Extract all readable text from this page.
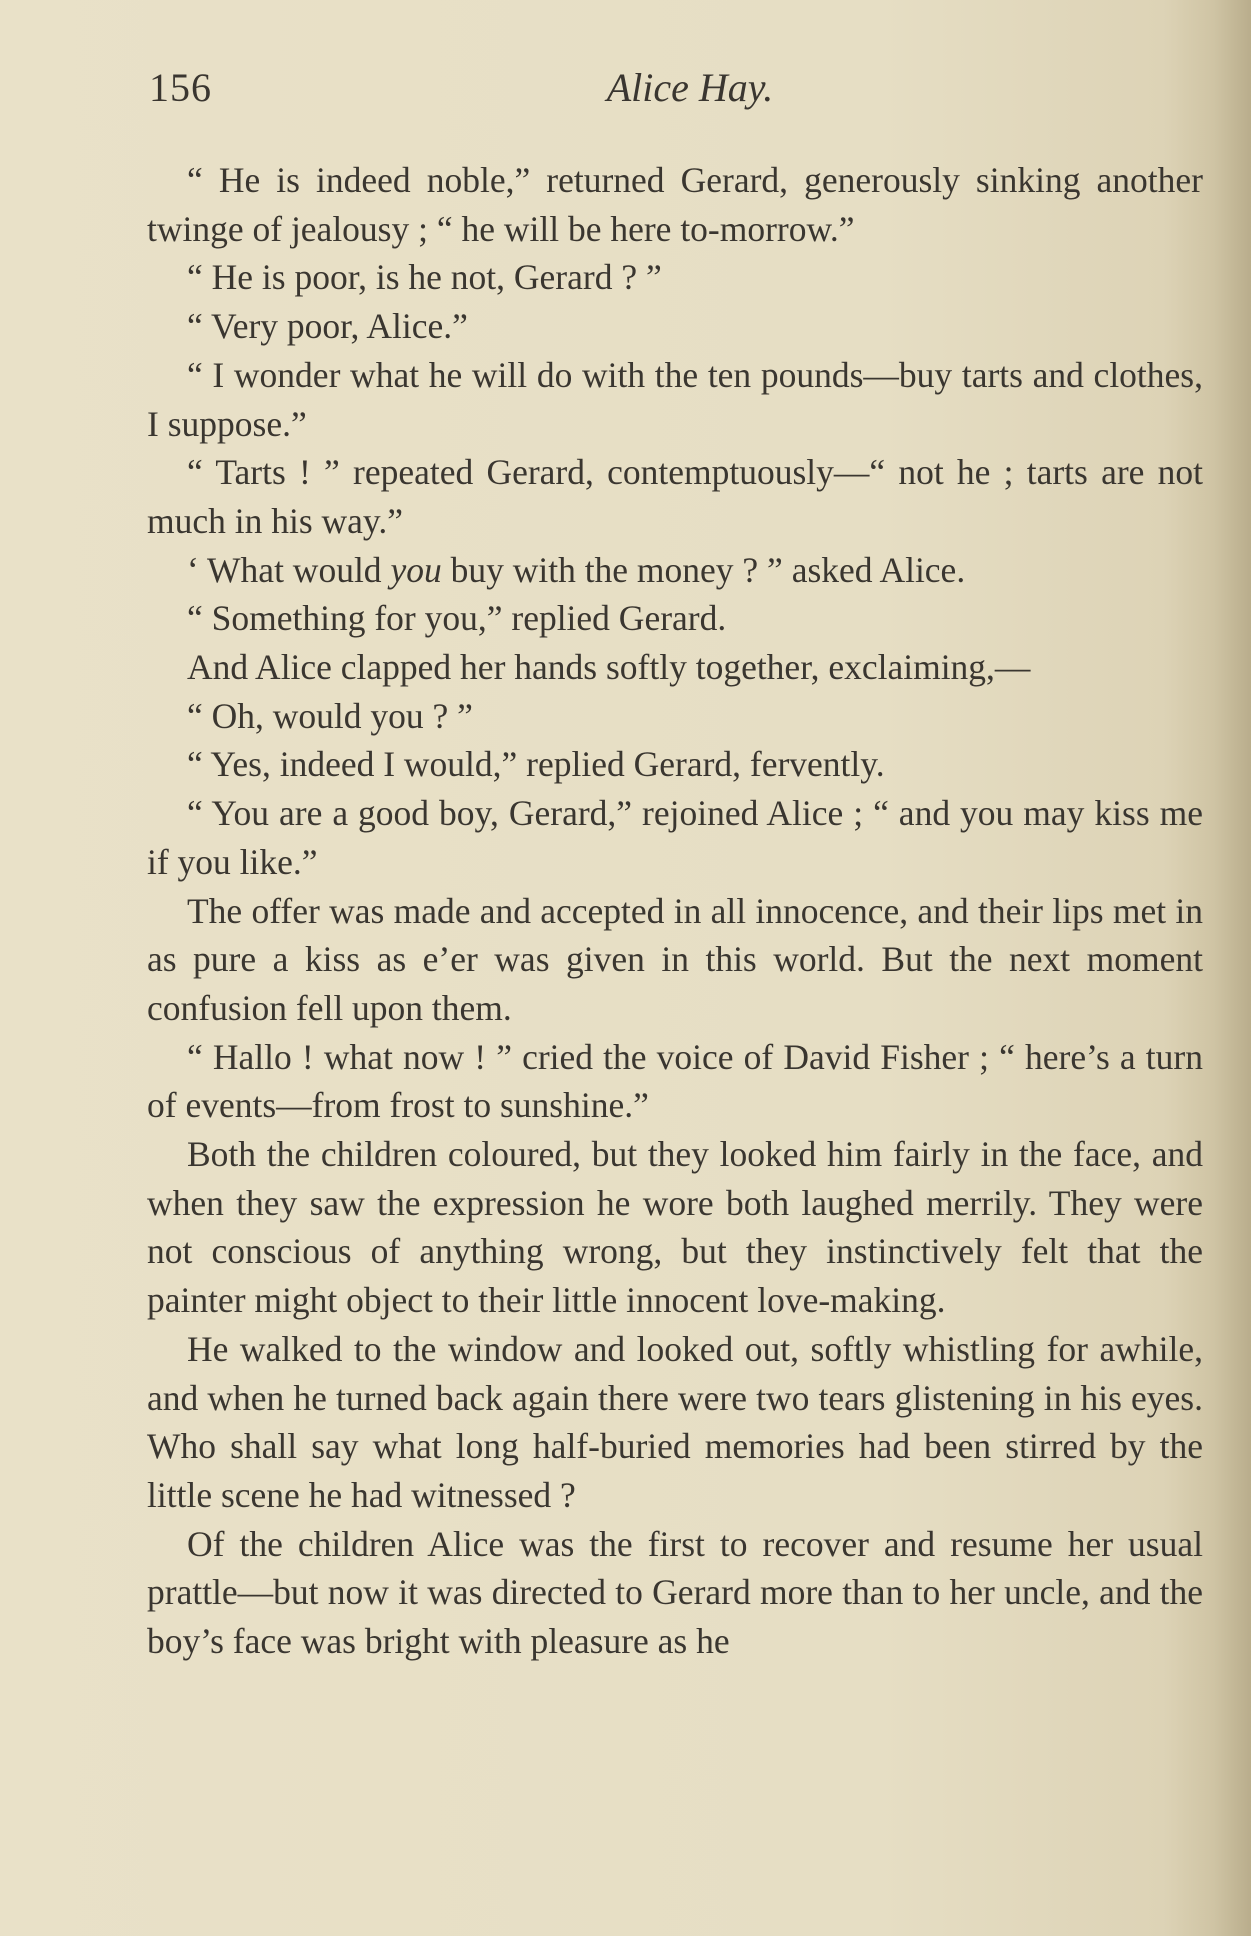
156	Alice Hay.

“ He is indeed noble,” returned Gerard, generously sinking another twinge of jealousy ; “ he will be here to-morrow.”

“ He is poor, is he not, Gerard ? ”

“ Very poor, Alice.”

“ I wonder what he will do with the ten pounds—buy tarts and clothes, I suppose.”

“ Tarts ! ” repeated Gerard, contemptuously—“ not he ; tarts are not much in his way.”

‘ What would you buy with the money ? ” asked Alice.

“ Something for you,” replied Gerard.

And Alice clapped her hands softly together, exclaiming,—

“ Oh, would you ? ”

“ Yes, indeed I would,” replied Gerard, fervently.

“ You are a good boy, Gerard,” rejoined Alice ; “ and you may kiss me if you like.”

The offer was made and accepted in all innocence, and their lips met in as pure a kiss as e’er was given in this world. But the next moment confusion fell upon them.

“ Hallo ! what now ! ” cried the voice of David Fisher ; “ here’s a turn of events—from frost to sunshine.”

Both the children coloured, but they looked him fairly in the face, and when they saw the expression he wore both laughed merrily. They were not conscious of anything wrong, but they instinctively felt that the painter might object to their little innocent love-making.

He walked to the window and looked out, softly whistling for awhile, and when he turned back again there were two tears glistening in his eyes. Who shall say what long half-buried memories had been stirred by the little scene he had witnessed ?

Of the children Alice was the first to recover and resume her usual prattle—but now it was directed to Gerard more than to her uncle, and the boy’s face was bright with pleasure as he
